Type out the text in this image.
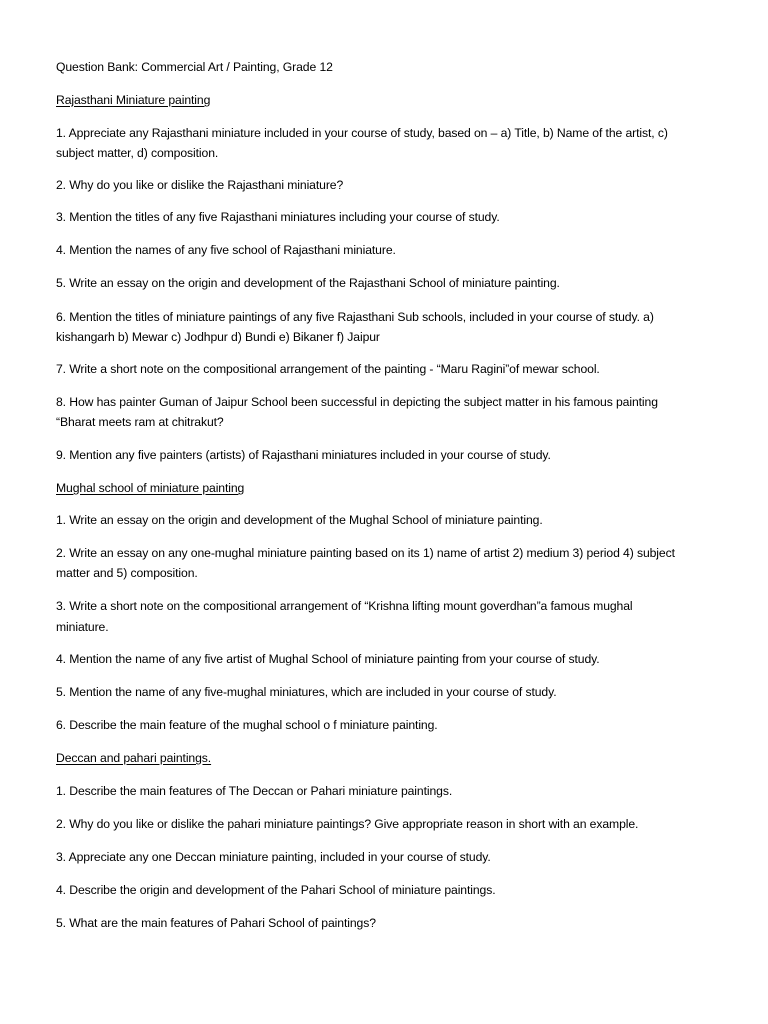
Question Bank: Commercial Art / Painting, Grade 12
Rajasthani Miniature painting
1. Appreciate any Rajasthani miniature included in your course of study, based on – a) Title, b) Name of the artist, c)
subject matter, d) composition.
2. Why do you like or dislike the Rajasthani miniature?
3. Mention the titles of any five Rajasthani miniatures including your course of study.
4. Mention the names of any five school of Rajasthani miniature.
5. Write an essay on the origin and development of the Rajasthani School of miniature painting.
6. Mention the titles of miniature paintings of any five Rajasthani Sub schools, included in your course of study. a)
kishangarh b) Mewar c) Jodhpur d) Bundi e) Bikaner f) Jaipur
7. Write a short note on the compositional arrangement of the painting - “Maru Ragini”of mewar school.
8. How has painter Guman of Jaipur School been successful in depicting the subject matter in his famous painting
“Bharat meets ram at chitrakut?
9. Mention any five painters (artists) of Rajasthani miniatures included in your course of study.
Mughal school of miniature painting
1. Write an essay on the origin and development of the Mughal School of miniature painting.
2. Write an essay on any one-mughal miniature painting based on its 1) name of artist 2) medium 3) period 4) subject
matter and 5) composition.
3. Write a short note on the compositional arrangement of “Krishna lifting mount goverdhan”a famous mughal
miniature.
4. Mention the name of any five artist of Mughal School of miniature painting from your course of study.
5. Mention the name of any five-mughal miniatures, which are included in your course of study.
6. Describe the main feature of the mughal school o f miniature painting.
Deccan and pahari paintings.
1. Describe the main features of The Deccan or Pahari miniature paintings.
2. Why do you like or dislike the pahari miniature paintings? Give appropriate reason in short with an example.
3. Appreciate any one Deccan miniature painting, included in your course of study.
4. Describe the origin and development of the Pahari School of miniature paintings.
5. What are the main features of Pahari School of paintings?
